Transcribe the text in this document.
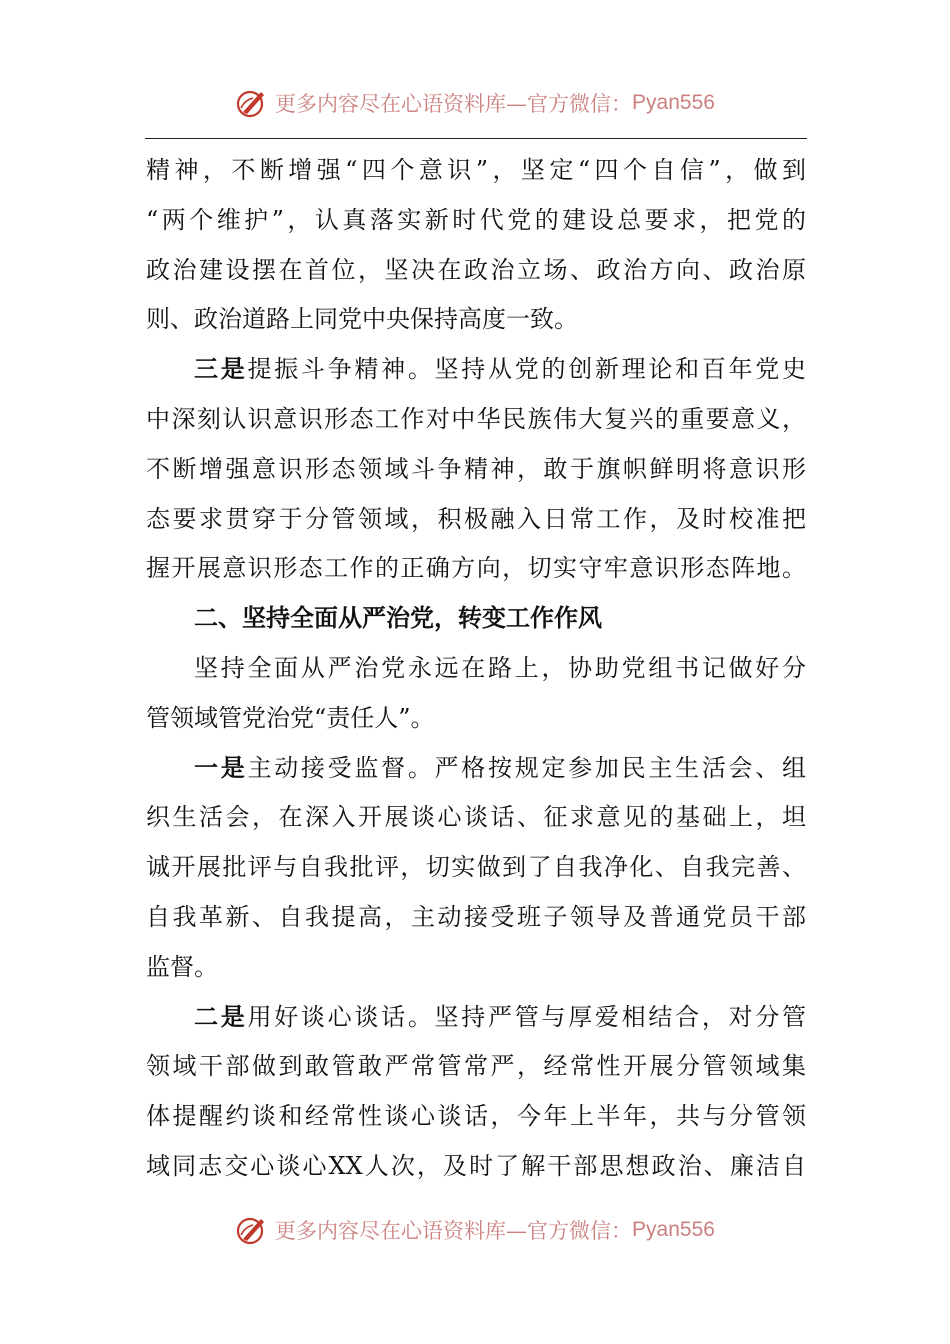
更多内容尽在心语资料库—官方微信： Pyan556
精神，不断增强“四个意识”，坚定“四个自信”，做到
“两个维护”，认真落实新时代党的建设总要求，把党的
政治建设摆在首位，坚决在政治立场、政治方向、政治原
则、政治道路上同党中央保持高度一致。
三是提振斗争精神。坚持从党的创新理论和百年党史
中深刻认识意识形态工作对中华民族伟大复兴的重要意义，
不断增强意识形态领域斗争精神，敢于旗帜鲜明将意识形
态要求贯穿于分管领域，积极融入日常工作，及时校准把
握开展意识形态工作的正确方向，切实守牢意识形态阵地。
二、坚持全面从严治党，转变工作作风
坚持全面从严治党永远在路上，协助党组书记做好分
管领域管党治党“责任人”。
一是主动接受监督。严格按规定参加民主生活会、组
织生活会，在深入开展谈心谈话、征求意见的基础上，坦
诚开展批评与自我批评，切实做到了自我净化、自我完善、
自我革新、自我提高，主动接受班子领导及普通党员干部
监督。
二是用好谈心谈话。坚持严管与厚爱相结合，对分管
领域干部做到敢管敢严常管常严，经常性开展分管领域集
体提醒约谈和经常性谈心谈话，今年上半年，共与分管领
域同志交心谈心XX人次，及时了解干部思想政治、廉洁自
更多内容尽在心语资料库—官方微信： Pyan556
